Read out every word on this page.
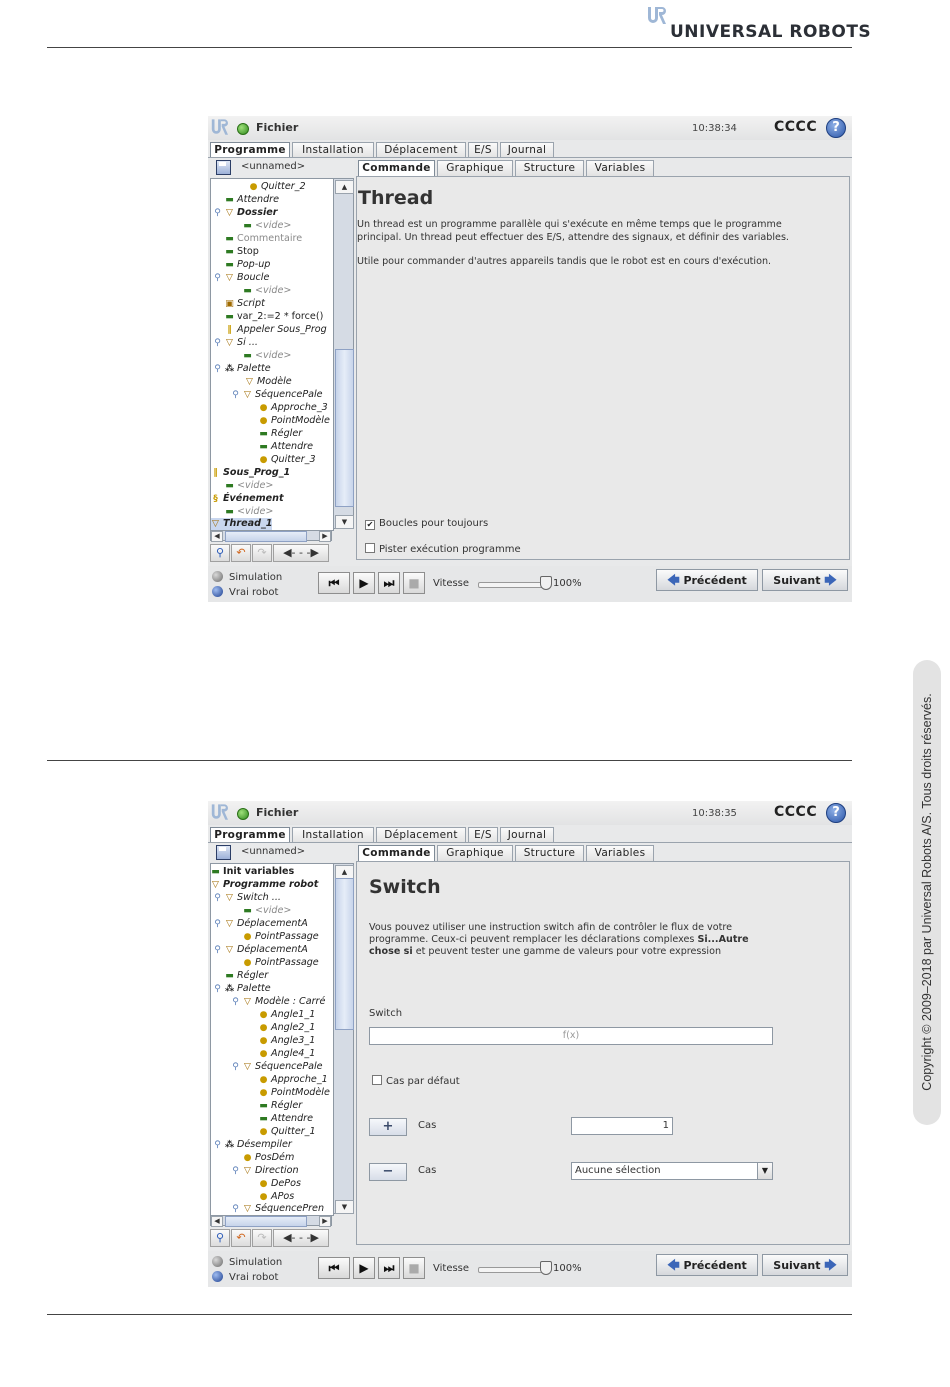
UNIVERSAL ROBOTS
Copyright © 2009–2018 par Universal Robots A/S. Tous droits réservés.
Fichier	10:38:34	CCCC	?
Programme	Installation	Déplacement	E/S	Journal
<unnamed>
● Quitter_2
▬ Attendre
⚲ ▽ Dossier
▬ <vide>
▬ Commentaire
▬ Stop
▬ Pop-up
⚲ ▽ Boucle
▬ <vide>
▣ Script
▬ var_2:=2 * force()
‖ Appeler Sous_Prog
⚲ ▽ Si ...
▬ <vide>
⚲ ⁂ Palette
▽ Modèle
⚲ ▽ SéquencePale
● Approche_3
● PointModèle
▬ Régler
▬ Attendre
● Quitter_3
‖ Sous_Prog_1
▬ <vide>
§ Événement
▬ <vide>
▽ Thread_1
▲
▼
◀	▶
⚲	↶	↷	◀- - -▶
Commande	Graphique	Structure	Variables
Thread
Un thread est un programme parallèle qui s'exécute en même temps que le programme
principal. Un thread peut effectuer des E/S, attendre des signaux, et définir des variables.
Utile pour commander d'autres appareils tandis que le robot est en cours d'exécution.
✔ Boucles pour toujours
Pister exécution programme
Simulation
Vrai robot
⏮	▶	⏭	■	Vitesse	100%	🡄 Précédent	Suivant 🡆
Fichier	10:38:35	CCCC	?
Programme	Installation	Déplacement	E/S	Journal
<unnamed>
▬ Init variables
▽ Programme robot
⚲ ▽ Switch ...
▬ <vide>
⚲ ▽ DéplacementA
● PointPassage
⚲ ▽ DéplacementA
● PointPassage
▬ Régler
⚲ ⁂ Palette
⚲ ▽ Modèle : Carré
● Angle1_1
● Angle2_1
● Angle3_1
● Angle4_1
⚲ ▽ SéquencePale
● Approche_1
● PointModèle
▬ Régler
▬ Attendre
● Quitter_1
⚲ ⁂ Désempiler
● PosDém
⚲ ▽ Direction
● DePos
● APos
⚲ ▽ SéquencePren
▲
▼
◀	▶
⚲	↶	↷	◀- - -▶
Commande	Graphique	Structure	Variables
Switch
Vous pouvez utiliser une instruction switch afin de contrôler le flux de votre
programme. Ceux-ci peuvent remplacer les déclarations complexes Si...Autre
chose si et peuvent tester une gamme de valeurs pour votre expression
Switch
f(x)
Cas par défaut
+	Cas	1
−	Cas	Aucune sélection	▼
Simulation
Vrai robot
⏮	▶	⏭	■	Vitesse	100%	🡄 Précédent	Suivant 🡆
